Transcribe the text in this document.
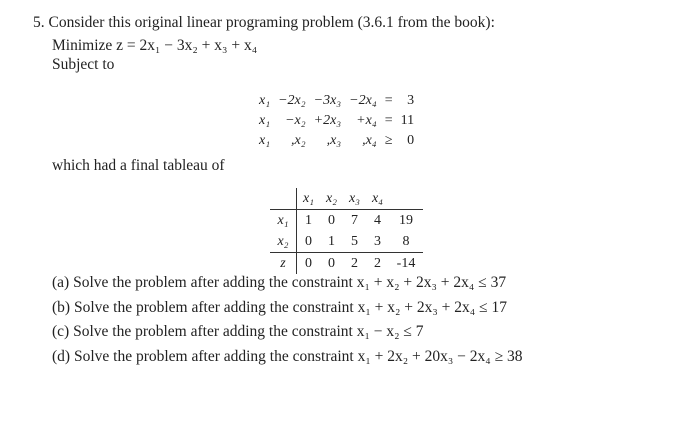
5. Consider this original linear programing problem (3.6.1 from the book):
Minimize z = 2x₁ − 3x₂ + x₃ + x₄
Subject to
x₁	−2x₂	−3x₃	−2x₄	=	3
x₁	−x₂	+2x₃	+x₄	=	11
x₁	,x₂	,x₃	,x₄	≥	0
which had a final tableau of
	x₁	x₂	x₃	x₄	
x₁	1	0	7	4	19
x₂	0	1	5	3	8
z	0	0	2	2	-14
(a) Solve the problem after adding the constraint x₁ + x₂ + 2x₃ + 2x₄ ≤ 37
(b) Solve the problem after adding the constraint x₁ + x₂ + 2x₃ + 2x₄ ≤ 17
(c) Solve the problem after adding the constraint x₁ − x₂ ≤ 7
(d) Solve the problem after adding the constraint x₁ + 2x₂ + 20x₃ − 2x₄ ≥ 38
